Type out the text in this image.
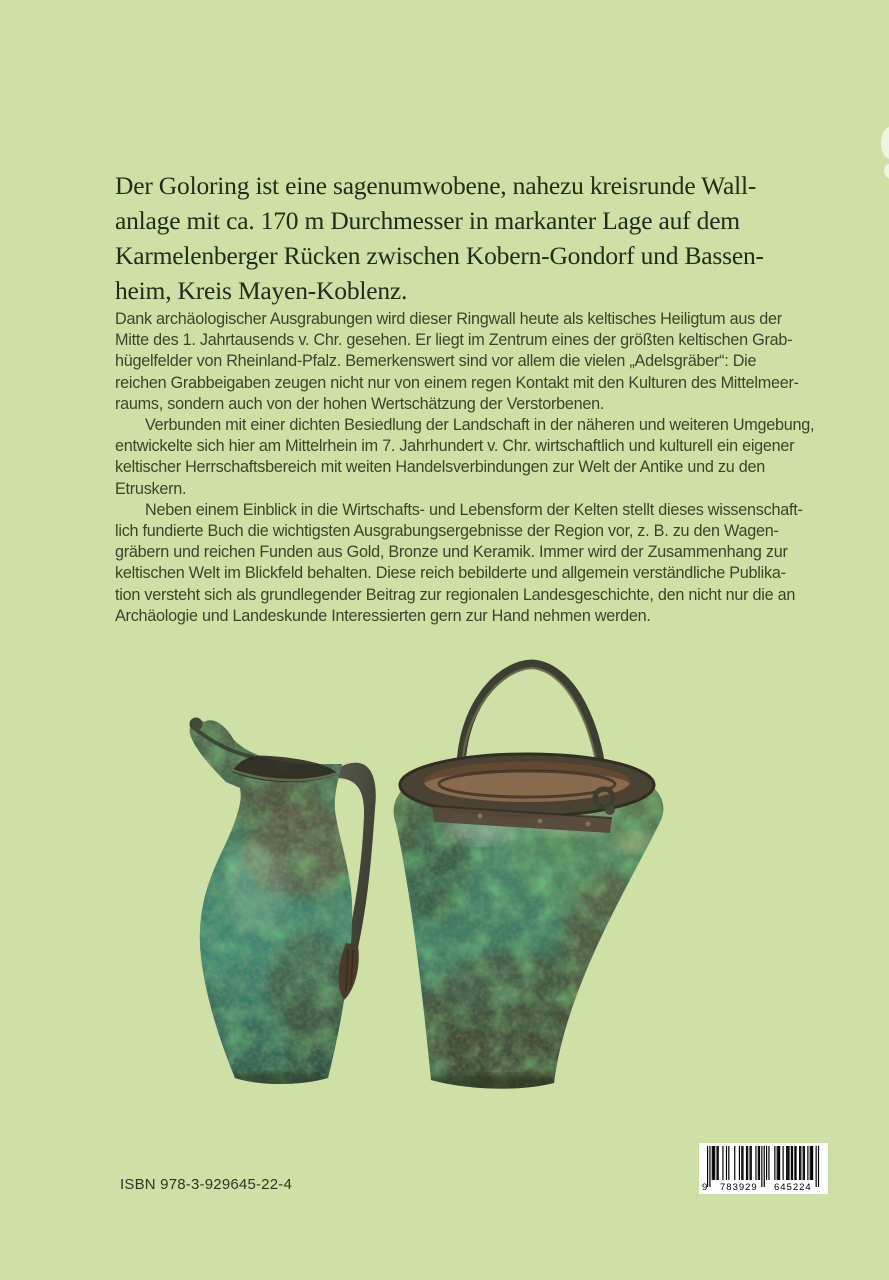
Der Goloring ist eine sagenumwobene, nahezu kreisrunde Wall-
anlage mit ca. 170 m Durchmesser in markanter Lage auf dem
Karmelenberger Rücken zwischen Kobern-Gondorf und Bassen-
heim, Kreis Mayen-Koblenz.
Dank archäologischer Ausgrabungen wird dieser Ringwall heute als keltisches Heiligtum aus der
Mitte des 1. Jahrtausends v. Chr. gesehen. Er liegt im Zentrum eines der größten keltischen Grab-
hügelfelder von Rheinland-Pfalz. Bemerkenswert sind vor allem die vielen „Adelsgräber“: Die
reichen Grabbeigaben zeugen nicht nur von einem regen Kontakt mit den Kulturen des Mittelmeer-
raums, sondern auch von der hohen Wertschätzung der Verstorbenen.
Verbunden mit einer dichten Besiedlung der Landschaft in der näheren und weiteren Umgebung,
entwickelte sich hier am Mittelrhein im 7. Jahrhundert v. Chr. wirtschaftlich und kulturell ein eigener
keltischer Herrschaftsbereich mit weiten Handelsverbindungen zur Welt der Antike und zu den
Etruskern.
Neben einem Einblick in die Wirtschafts- und Lebensform der Kelten stellt dieses wissenschaft-
lich fundierte Buch die wichtigsten Ausgrabungsergebnisse der Region vor, z. B. zu den Wagen-
gräbern und reichen Funden aus Gold, Bronze und Keramik. Immer wird der Zusammenhang zur
keltischen Welt im Blickfeld behalten. Diese reich bebilderte und allgemein verständliche Publika-
tion versteht sich als grundlegender Beitrag zur regionalen Landesgeschichte, den nicht nur die an
Archäologie und Landeskunde Interessierten gern zur Hand nehmen werden.
ISBN 978-3-929645-22-4	9 783929 645224
